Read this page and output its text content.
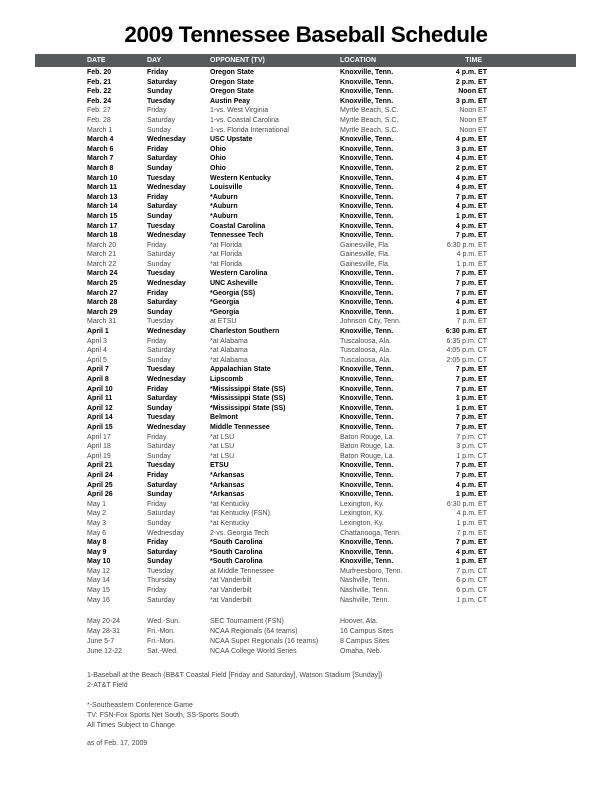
2009 Tennessee Baseball Schedule
DATE	DAY	OPPONENT (TV)	LOCATION	TIME
Feb. 20	Friday	Oregon State	Knoxville, Tenn.	4 p.m. ET
Feb. 21	Saturday	Oregon State	Knoxville, Tenn.	2 p.m. ET
Feb. 22	Sunday	Oregon State	Knoxville, Tenn.	Noon ET
Feb. 24	Tuesday	Austin Peay	Knoxville, Tenn.	3 p.m. ET
Feb. 27	Friday	1-vs. West Virginia	Myrtle Beach, S.C.	Noon ET
Feb. 28	Saturday	1-vs. Coastal Carolina	Myrtle Beach, S.C.	Noon ET
March 1	Sunday	1-vs. Florida International	Myrtle Beach, S.C.	Noon ET
March 4	Wednesday	USC Upstate	Knoxville, Tenn.	4 p.m. ET
March 6	Friday	Ohio	Knoxville, Tenn.	3 p.m. ET
March 7	Saturday	Ohio	Knoxville, Tenn.	4 p.m. ET
March 8	Sunday	Ohio	Knoxville, Tenn.	2 p.m. ET
March 10	Tuesday	Western Kentucky	Knoxville, Tenn.	4 p.m. ET
March 11	Wednesday	Louisville	Knoxville, Tenn.	4 p.m. ET
March 13	Friday	*Auburn	Knoxville, Tenn.	7 p.m. ET
March 14	Saturday	*Auburn	Knoxville, Tenn.	4 p.m. ET
March 15	Sunday	*Auburn	Knoxville, Tenn.	1 p.m. ET
March 17	Tuesday	Coastal Carolina	Knoxville, Tenn.	4 p.m. ET
March 18	Wednesday	Tennessee Tech	Knoxville, Tenn.	7 p.m. ET
March 20	Friday	*at Florida	Gainesville, Fla.	6:30 p.m. ET
March 21	Saturday	*at Florida	Gainesville, Fla.	4 p.m. ET
March 22	Sunday	*at Florida	Gainesville, Fla.	1 p.m. ET
March 24	Tuesday	Western Carolina	Knoxville, Tenn.	7 p.m. ET
March 25	Wednesday	UNC Asheville	Knoxville, Tenn.	7 p.m. ET
March 27	Friday	*Georgia (SS)	Knoxville, Tenn.	7 p.m. ET
March 28	Saturday	*Georgia	Knoxville, Tenn.	4 p.m. ET
March 29	Sunday	*Georgia	Knoxville, Tenn.	1 p.m. ET
March 31	Tuesday	at ETSU	Johnson City, Tenn.	7 p.m. ET
April 1	Wednesday	Charleston Southern	Knoxville, Tenn.	6:30 p.m. ET
April 3	Friday	*at Alabama	Tuscaloosa, Ala.	6:35 p.m. CT
April 4	Saturday	*at Alabama	Tuscaloosa, Ala.	4:05 p.m. CT
April 5	Sunday	*at Alabama	Tuscaloosa, Ala.	2:05 p.m. CT
April 7	Tuesday	Appalachian State	Knoxville, Tenn.	7 p.m. ET
April 8	Wednesday	Lipscomb	Knoxville, Tenn.	7 p.m. ET
April 10	Friday	*Mississippi State (SS)	Knoxville, Tenn.	7 p.m. ET
April 11	Saturday	*Mississippi State (SS)	Knoxville, Tenn.	1 p.m. ET
April 12	Sunday	*Mississippi State (SS)	Knoxville, Tenn.	1 p.m. ET
April 14	Tuesday	Belmont	Knoxville, Tenn.	7 p.m. ET
April 15	Wednesday	Middle Tennessee	Knoxville, Tenn.	7 p.m. ET
April 17	Friday	*at LSU	Baton Rouge, La.	7 p.m. CT
April 18	Saturday	*at LSU	Baton Rouge, La.	3 p.m. CT
April 19	Sunday	*at LSU	Baton Rouge, La.	1 p.m. CT
April 21	Tuesday	ETSU	Knoxville, Tenn.	7 p.m. ET
April 24	Friday	*Arkansas	Knoxville, Tenn.	7 p.m. ET
April 25	Saturday	*Arkansas	Knoxville, Tenn.	4 p.m. ET
April 26	Sunday	*Arkansas	Knoxville, Tenn.	1 p.m. ET
May 1	Friday	*at Kentucky	Lexington, Ky.	6:30 p.m. ET
May 2	Saturday	*at Kentucky (FSN)	Lexington, Ky.	4 p.m. ET
May 3	Sunday	*at Kentucky	Lexington, Ky.	1 p.m. ET
May 6	Wednesday	2-vs. Georgia Tech	Chattanooga, Tenn.	7 p.m. ET
May 8	Friday	*South Carolina	Knoxville, Tenn.	7 p.m. ET
May 9	Saturday	*South Carolina	Knoxville, Tenn.	4 p.m. ET
May 10	Sunday	*South Carolina	Knoxville, Tenn.	1 p.m. ET
May 12	Tuesday	at Middle Tennessee	Murfreesboro, Tenn.	7 p.m. CT
May 14	Thursday	*at Vanderbilt	Nashville, Tenn.	6 p.m. CT
May 15	Friday	*at Vanderbilt	Nashville, Tenn.	6 p.m. CT
May 16	Saturday	*at Vanderbilt	Nashville, Tenn.	1 p.m. CT
May 20-24	Wed.-Sun.	SEC Tournament (FSN)	Hoover, Ala.
May 28-31	Fri.-Mon.	NCAA Regionals (64 teams)	16 Campus Sites
June 5-7	Fri.-Mon.	NCAA Super Regionals (16 teams)	8 Campus Sites
June 12-22	Sat.-Wed.	NCAA College World Series	Omaha, Neb.
1-Baseball at the Beach (BB&T Coastal Field [Friday and Saturday], Watson Stadium [Sunday])
2-AT&T Field
*-Southeastern Conference Game
TV: FSN-Fox Sports Net South, SS-Sports South
All Times Subject to Change
as of Feb. 17, 2009
